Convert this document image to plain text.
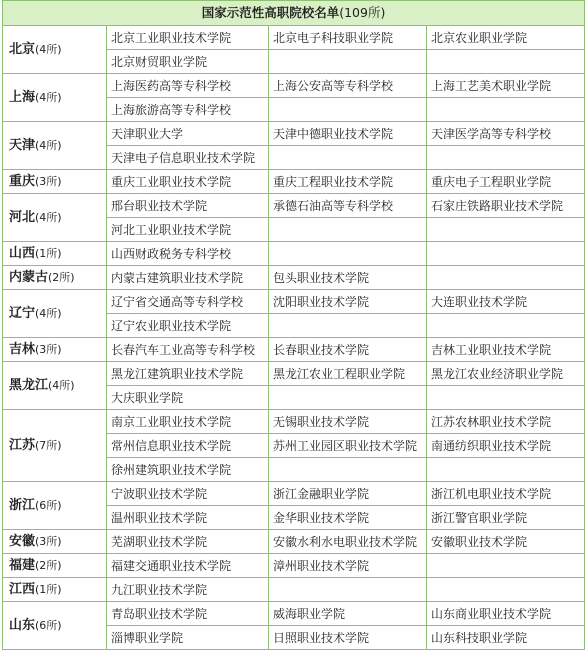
国家示范性高职院校名单(109所)			
北京(4所)	北京工业职业技术学院	北京电子科技职业学院	北京农业职业学院
	北京财贸职业学院		
上海(4所)	上海医药高等专科学校	上海公安高等专科学校	上海工艺美术职业学院
	上海旅游高等专科学校		
天津(4所)	天津职业大学	天津中德职业技术学院	天津医学高等专科学校
	天津电子信息职业技术学院		
重庆(3所)	重庆工业职业技术学院	重庆工程职业技术学院	重庆电子工程职业学院
河北(4所)	邢台职业技术学院	承德石油高等专科学校	石家庄铁路职业技术学院
	河北工业职业技术学院		
山西(1所)	山西财政税务专科学校		
内蒙古(2所)	内蒙古建筑职业技术学院	包头职业技术学院	
辽宁(4所)	辽宁省交通高等专科学校	沈阳职业技术学院	大连职业技术学院
	辽宁农业职业技术学院		
吉林(3所)	长春汽车工业高等专科学校	长春职业技术学院	吉林工业职业技术学院
黑龙江(4所)	黑龙江建筑职业技术学院	黑龙江农业工程职业学院	黑龙江农业经济职业学院
	大庆职业学院		
江苏(7所)	南京工业职业技术学院	无锡职业技术学院	江苏农林职业技术学院
	常州信息职业技术学院	苏州工业园区职业技术学院	南通纺织职业技术学院
	徐州建筑职业技术学院		
浙江(6所)	宁波职业技术学院	浙江金融职业学院	浙江机电职业技术学院
	温州职业技术学院	金华职业技术学院	浙江警官职业学院
安徽(3所)	芜湖职业技术学院	安徽水利水电职业技术学院	安徽职业技术学院
福建(2所)	福建交通职业技术学院	漳州职业技术学院	
江西(1所)	九江职业技术学院		
山东(6所)	青岛职业技术学院	威海职业学院	山东商业职业技术学院
	淄博职业学院	日照职业技术学院	山东科技职业学院
